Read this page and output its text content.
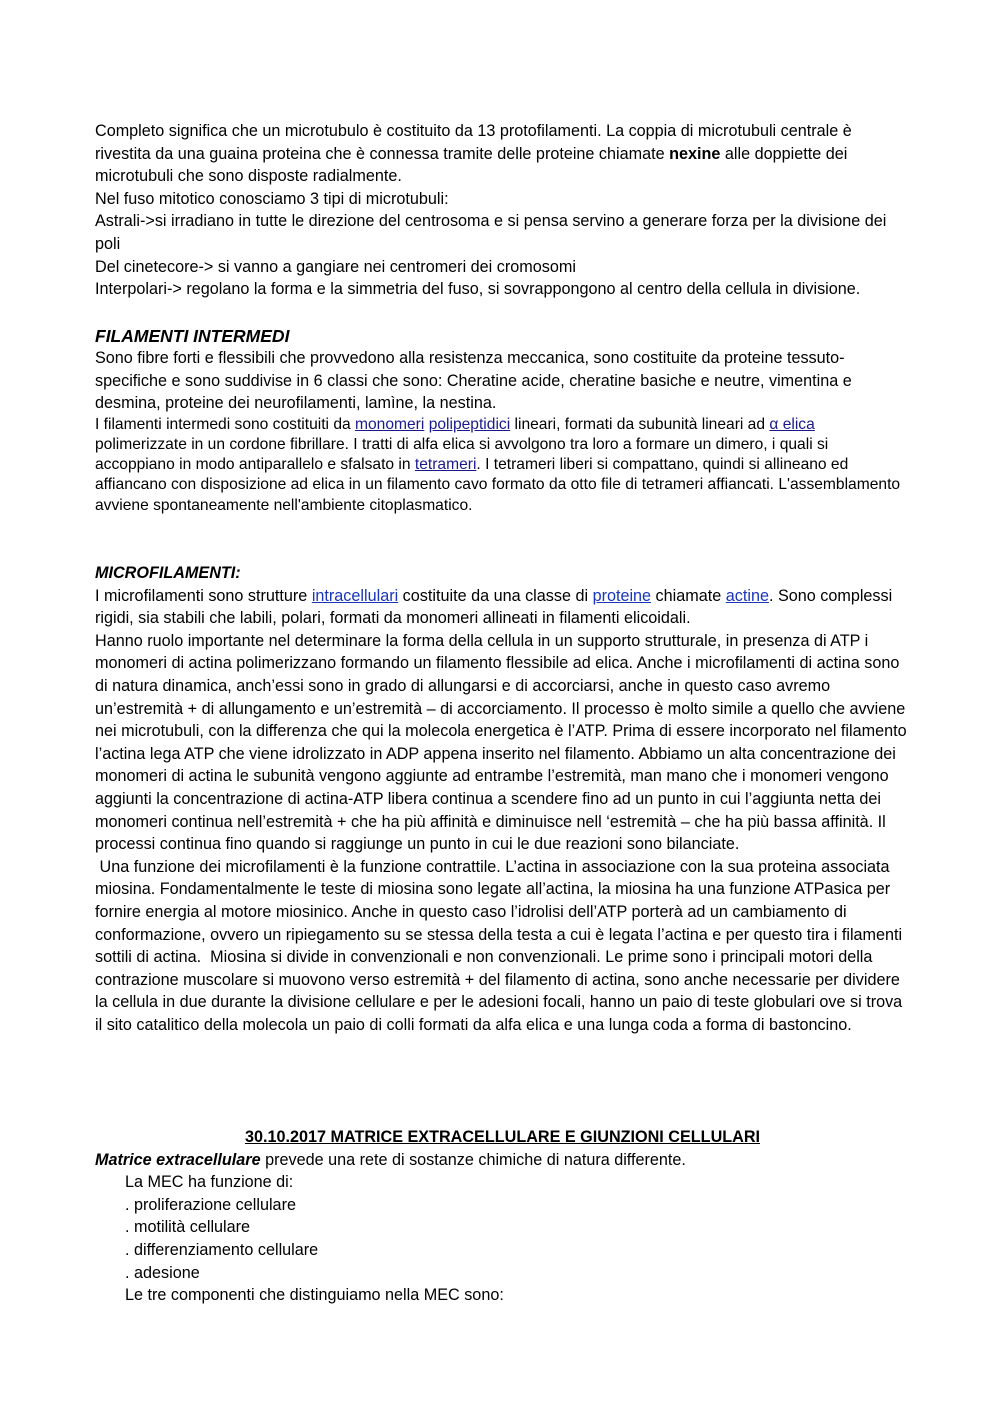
Completo significa che un microtubulo è costituito da 13 protofilamenti. La coppia di microtubuli centrale è rivestita da una guaina proteina che è connessa tramite delle proteine chiamate nexine alle doppiette dei microtubuli che sono disposte radialmente.

Nel fuso mitotico conosciamo 3 tipi di microtubuli:

Astrali->si irradiano in tutte le direzione del centrosoma e si pensa servino a generare forza per la divisione dei poli

Del cinetecore-> si vanno a gangiare nei centromeri dei cromosomi

Interpolari-> regolano la forma e la simmetria del fuso, si sovrappongono al centro della cellula in divisione.

FILAMENTI INTERMEDI

Sono fibre forti e flessibili che provvedono alla resistenza meccanica, sono costituite da proteine tessuto-specifiche e sono suddivise in 6 classi che sono: Cheratine acide, cheratine basiche e neutre, vimentina e desmina, proteine dei neurofilamenti, lamìne, la nestina.

I filamenti intermedi sono costituiti da monomeri polipeptidici lineari, formati da subunità lineari ad α elica polimerizzate in un cordone fibrillare. I tratti di alfa elica si avvolgono tra loro a formare un dimero, i quali si accoppiano in modo antiparallelo e sfalsato in tetrameri. I tetrameri liberi si compattano, quindi si allineano ed affiancano con disposizione ad elica in un filamento cavo formato da otto file di tetrameri affiancati. L'assemblamento avviene spontaneamente nell'ambiente citoplasmatico.

MICROFILAMENTI:

I microfilamenti sono strutture intracellulari costituite da una classe di proteine chiamate actine. Sono complessi rigidi, sia stabili che labili, polari, formati da monomeri allineati in filamenti elicoidali.

Hanno ruolo importante nel determinare la forma della cellula in un supporto strutturale, in presenza di ATP i monomeri di actina polimerizzano formando un filamento flessibile ad elica. Anche i microfilamenti di actina sono di natura dinamica, anch’essi sono in grado di allungarsi e di accorciarsi, anche in questo caso avremo un’estremità + di allungamento e un’estremità – di accorciamento. Il processo è molto simile a quello che avviene nei microtubuli, con la differenza che qui la molecola energetica è l’ATP. Prima di essere incorporato nel filamento l’actina lega ATP che viene idrolizzato in ADP appena inserito nel filamento. Abbiamo un alta concentrazione dei monomeri di actina le subunità vengono aggiunte ad entrambe l’estremità, man mano che i monomeri vengono aggiunti la concentrazione di actina-ATP libera continua a scendere fino ad un punto in cui l’aggiunta netta dei monomeri continua nell’estremità + che ha più affinità e diminuisce nell ‘estremità – che ha più bassa affinità. Il processi continua fino quando si raggiunge un punto in cui le due reazioni sono bilanciate.

Una funzione dei microfilamenti è la funzione contrattile. L’actina in associazione con la sua proteina associata miosina. Fondamentalmente le teste di miosina sono legate all’actina, la miosina ha una funzione ATPasica per fornire energia al motore miosinico. Anche in questo caso l’idrolisi dell’ATP porterà ad un cambiamento di conformazione, ovvero un ripiegamento su se stessa della testa a cui è legata l’actina e per questo tira i filamenti sottili di actina.  Miosina si divide in convenzionali e non convenzionali. Le prime sono i principali motori della contrazione muscolare si muovono verso estremità + del filamento di actina, sono anche necessarie per dividere la cellula in due durante la divisione cellulare e per le adesioni focali, hanno un paio di teste globulari ove si trova il sito catalitico della molecola un paio di colli formati da alfa elica e una lunga coda a forma di bastoncino.

30.10.2017 MATRICE EXTRACELLULARE E GIUNZIONI CELLULARI

Matrice extracellulare prevede una rete di sostanze chimiche di natura differente.

La MEC ha funzione di:

. proliferazione cellulare

. motilità cellulare

. differenziamento cellulare

. adesione

Le tre componenti che distinguiamo nella MEC sono:
